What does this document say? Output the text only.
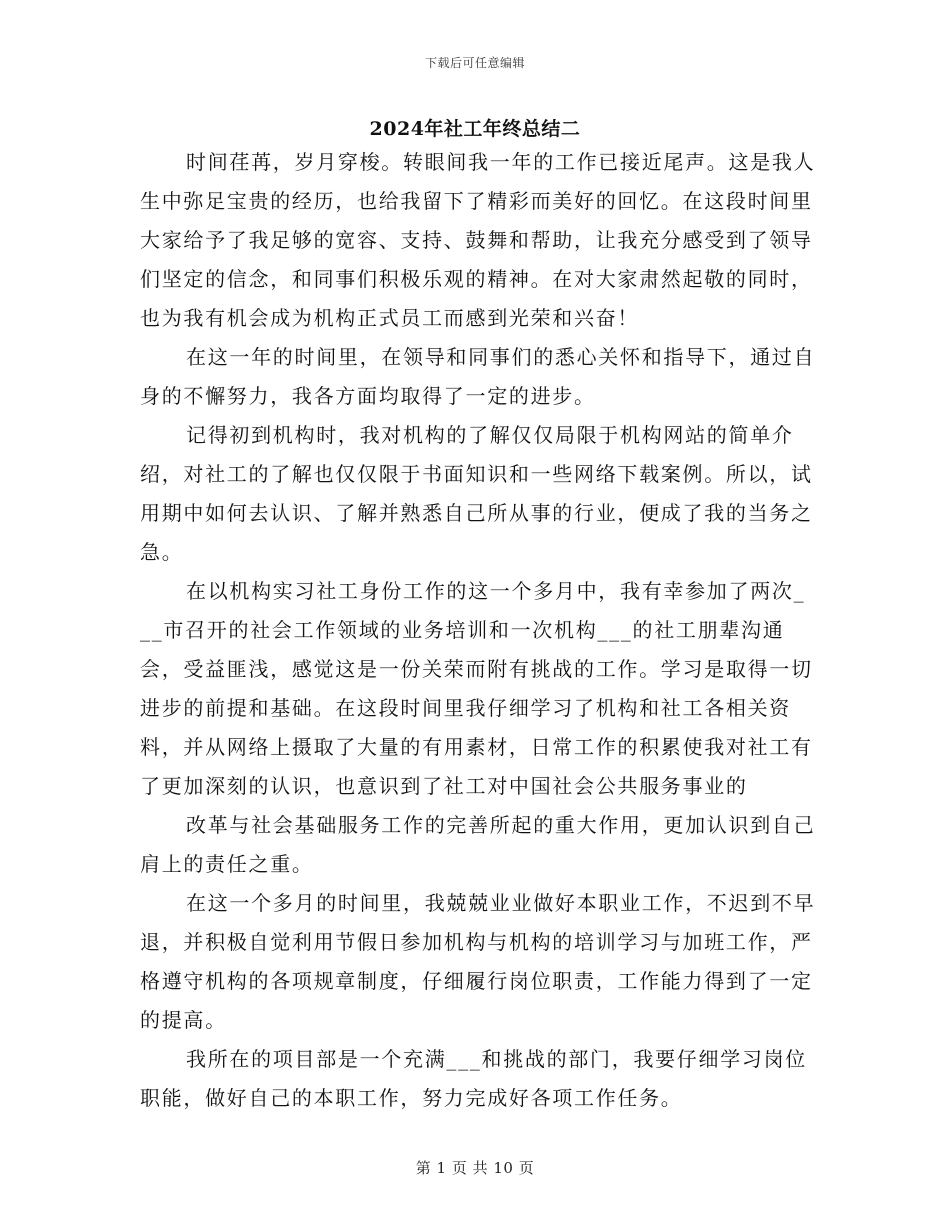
下载后可任意编辑
2024年社工年终总结二

时间荏苒，岁月穿梭。转眼间我一年的工作已接近尾声。这是我人生中弥足宝贵的经历，也给我留下了精彩而美好的回忆。在这段时间里大家给予了我足够的宽容、支持、鼓舞和帮助，让我充分感受到了领导们坚定的信念，和同事们积极乐观的精神。在对大家肃然起敬的同时，也为我有机会成为机构正式员工而感到光荣和兴奋！

在这一年的时间里，在领导和同事们的悉心关怀和指导下，通过自身的不懈努力，我各方面均取得了一定的进步。

记得初到机构时，我对机构的了解仅仅局限于机构网站的简单介绍，对社工的了解也仅仅限于书面知识和一些网络下载案例。所以，试用期中如何去认识、了解并熟悉自己所从事的行业，便成了我的当务之急。

在以机构实习社工身份工作的这一个多月中，我有幸参加了两次___市召开的社会工作领域的业务培训和一次机构___的社工朋辈沟通会，受益匪浅，感觉这是一份关荣而附有挑战的工作。学习是取得一切进步的前提和基础。在这段时间里我仔细学习了机构和社工各相关资料，并从网络上摄取了大量的有用素材，日常工作的积累使我对社工有了更加深刻的认识，也意识到了社工对中国社会公共服务事业的

改革与社会基础服务工作的完善所起的重大作用，更加认识到自己肩上的责任之重。

在这一个多月的时间里，我兢兢业业做好本职业工作，不迟到不早退，并积极自觉利用节假日参加机构与机构的培训学习与加班工作，严格遵守机构的各项规章制度，仔细履行岗位职责，工作能力得到了一定的提高。

我所在的项目部是一个充满___和挑战的部门，我要仔细学习岗位职能，做好自己的本职工作，努力完成好各项工作任务。

第 1 页 共 10 页
